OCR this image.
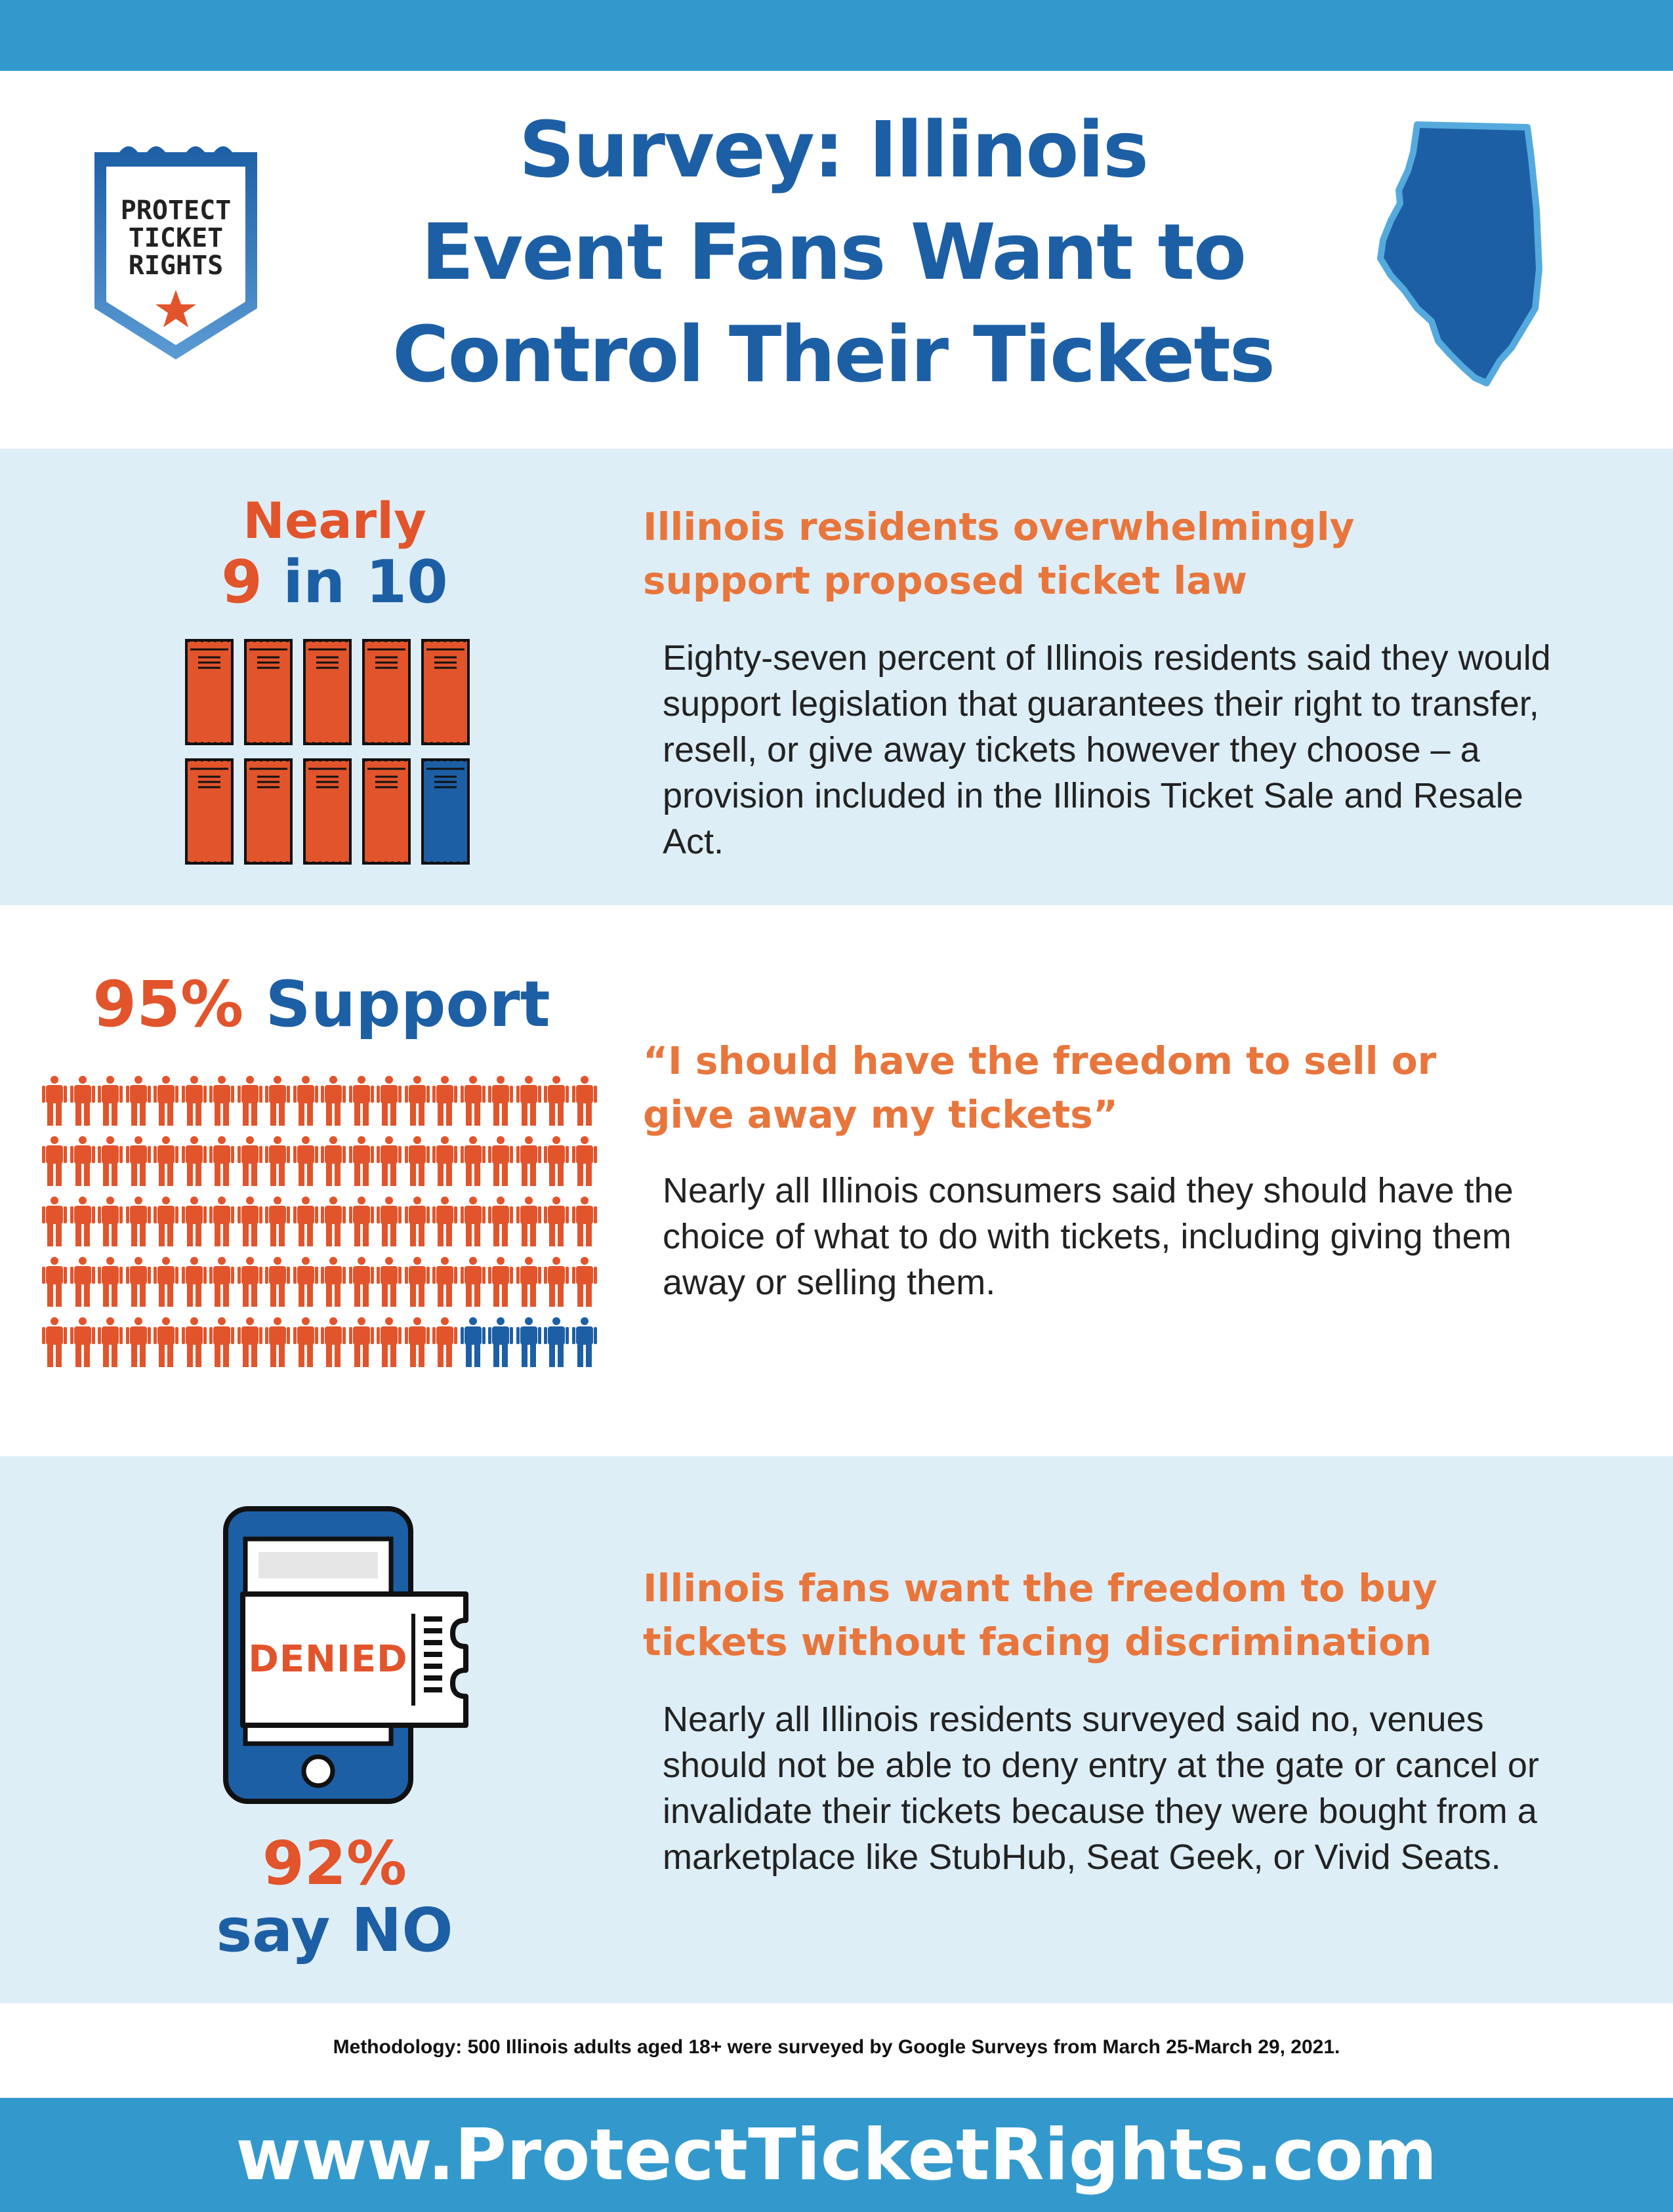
PROTECT
TICKET
RIGHTS
Survey: Illinois
Event Fans Want to
Control Their Tickets

Nearly

9 in 10

Illinois residents overwhelmingly support proposed ticket law

Eighty-seven percent of Illinois residents said they would support legislation that guarantees their right to transfer, resell, or give away tickets however they choose – a provision included in the Illinois Ticket Sale and Resale Act.

95% Support

“I should have the freedom to sell or give away my tickets”

Nearly all Illinois consumers said they should have the choice of what to do with tickets, including giving them away or selling them.

DENIED

92%

say NO

Illinois fans want the freedom to buy tickets without facing discrimination

Nearly all Illinois residents surveyed said no, venues should not be able to deny entry at the gate or cancel or invalidate their tickets because they were bought from a marketplace like StubHub, Seat Geek, or Vivid Seats.

Methodology: 500 Illinois adults aged 18+ were surveyed by Google Surveys from March 25-March 29, 2021.
www.ProtectTicketRights.com
